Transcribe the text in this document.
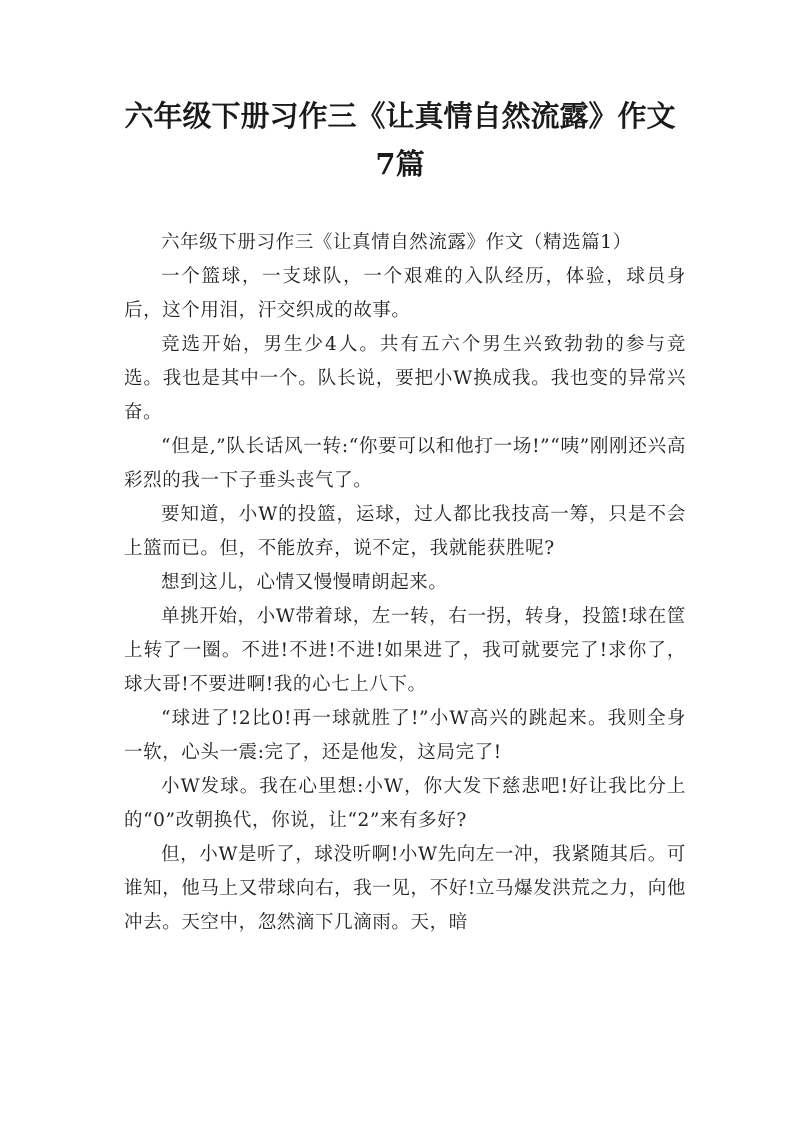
六年级下册习作三《让真情自然流露》作文
7篇

六年级下册习作三《让真情自然流露》作文（精选篇1）

一个篮球，一支球队，一个艰难的入队经历，体验，球员身后，这个用泪，汗交织成的故事。

竞选开始，男生少4人。共有五六个男生兴致勃勃的参与竞选。我也是其中一个。队长说，要把小W换成我。我也变的异常兴奋。

“但是,”队长话风一转:“你要可以和他打一场!”“咦”刚刚还兴高彩烈的我一下子垂头丧气了。

要知道，小W的投篮，运球，过人都比我技高一筹，只是不会上篮而已。但，不能放弃，说不定，我就能获胜呢?

想到这儿，心情又慢慢晴朗起来。

单挑开始，小W带着球，左一转，右一拐，转身，投篮!球在筐上转了一圈。不进!不进!不进!如果进了，我可就要完了!求你了，球大哥!不要进啊!我的心七上八下。

“球进了!2比0!再一球就胜了!”小W高兴的跳起来。我则全身一软，心头一震:完了，还是他发，这局完了!

小W发球。我在心里想:小W，你大发下慈悲吧!好让我比分上的“0”改朝换代，你说，让“2”来有多好?

但，小W是听了，球没听啊!小W先向左一冲，我紧随其后。可谁知，他马上又带球向右，我一见，不好!立马爆发洪荒之力，向他冲去。天空中，忽然滴下几滴雨。天，暗
